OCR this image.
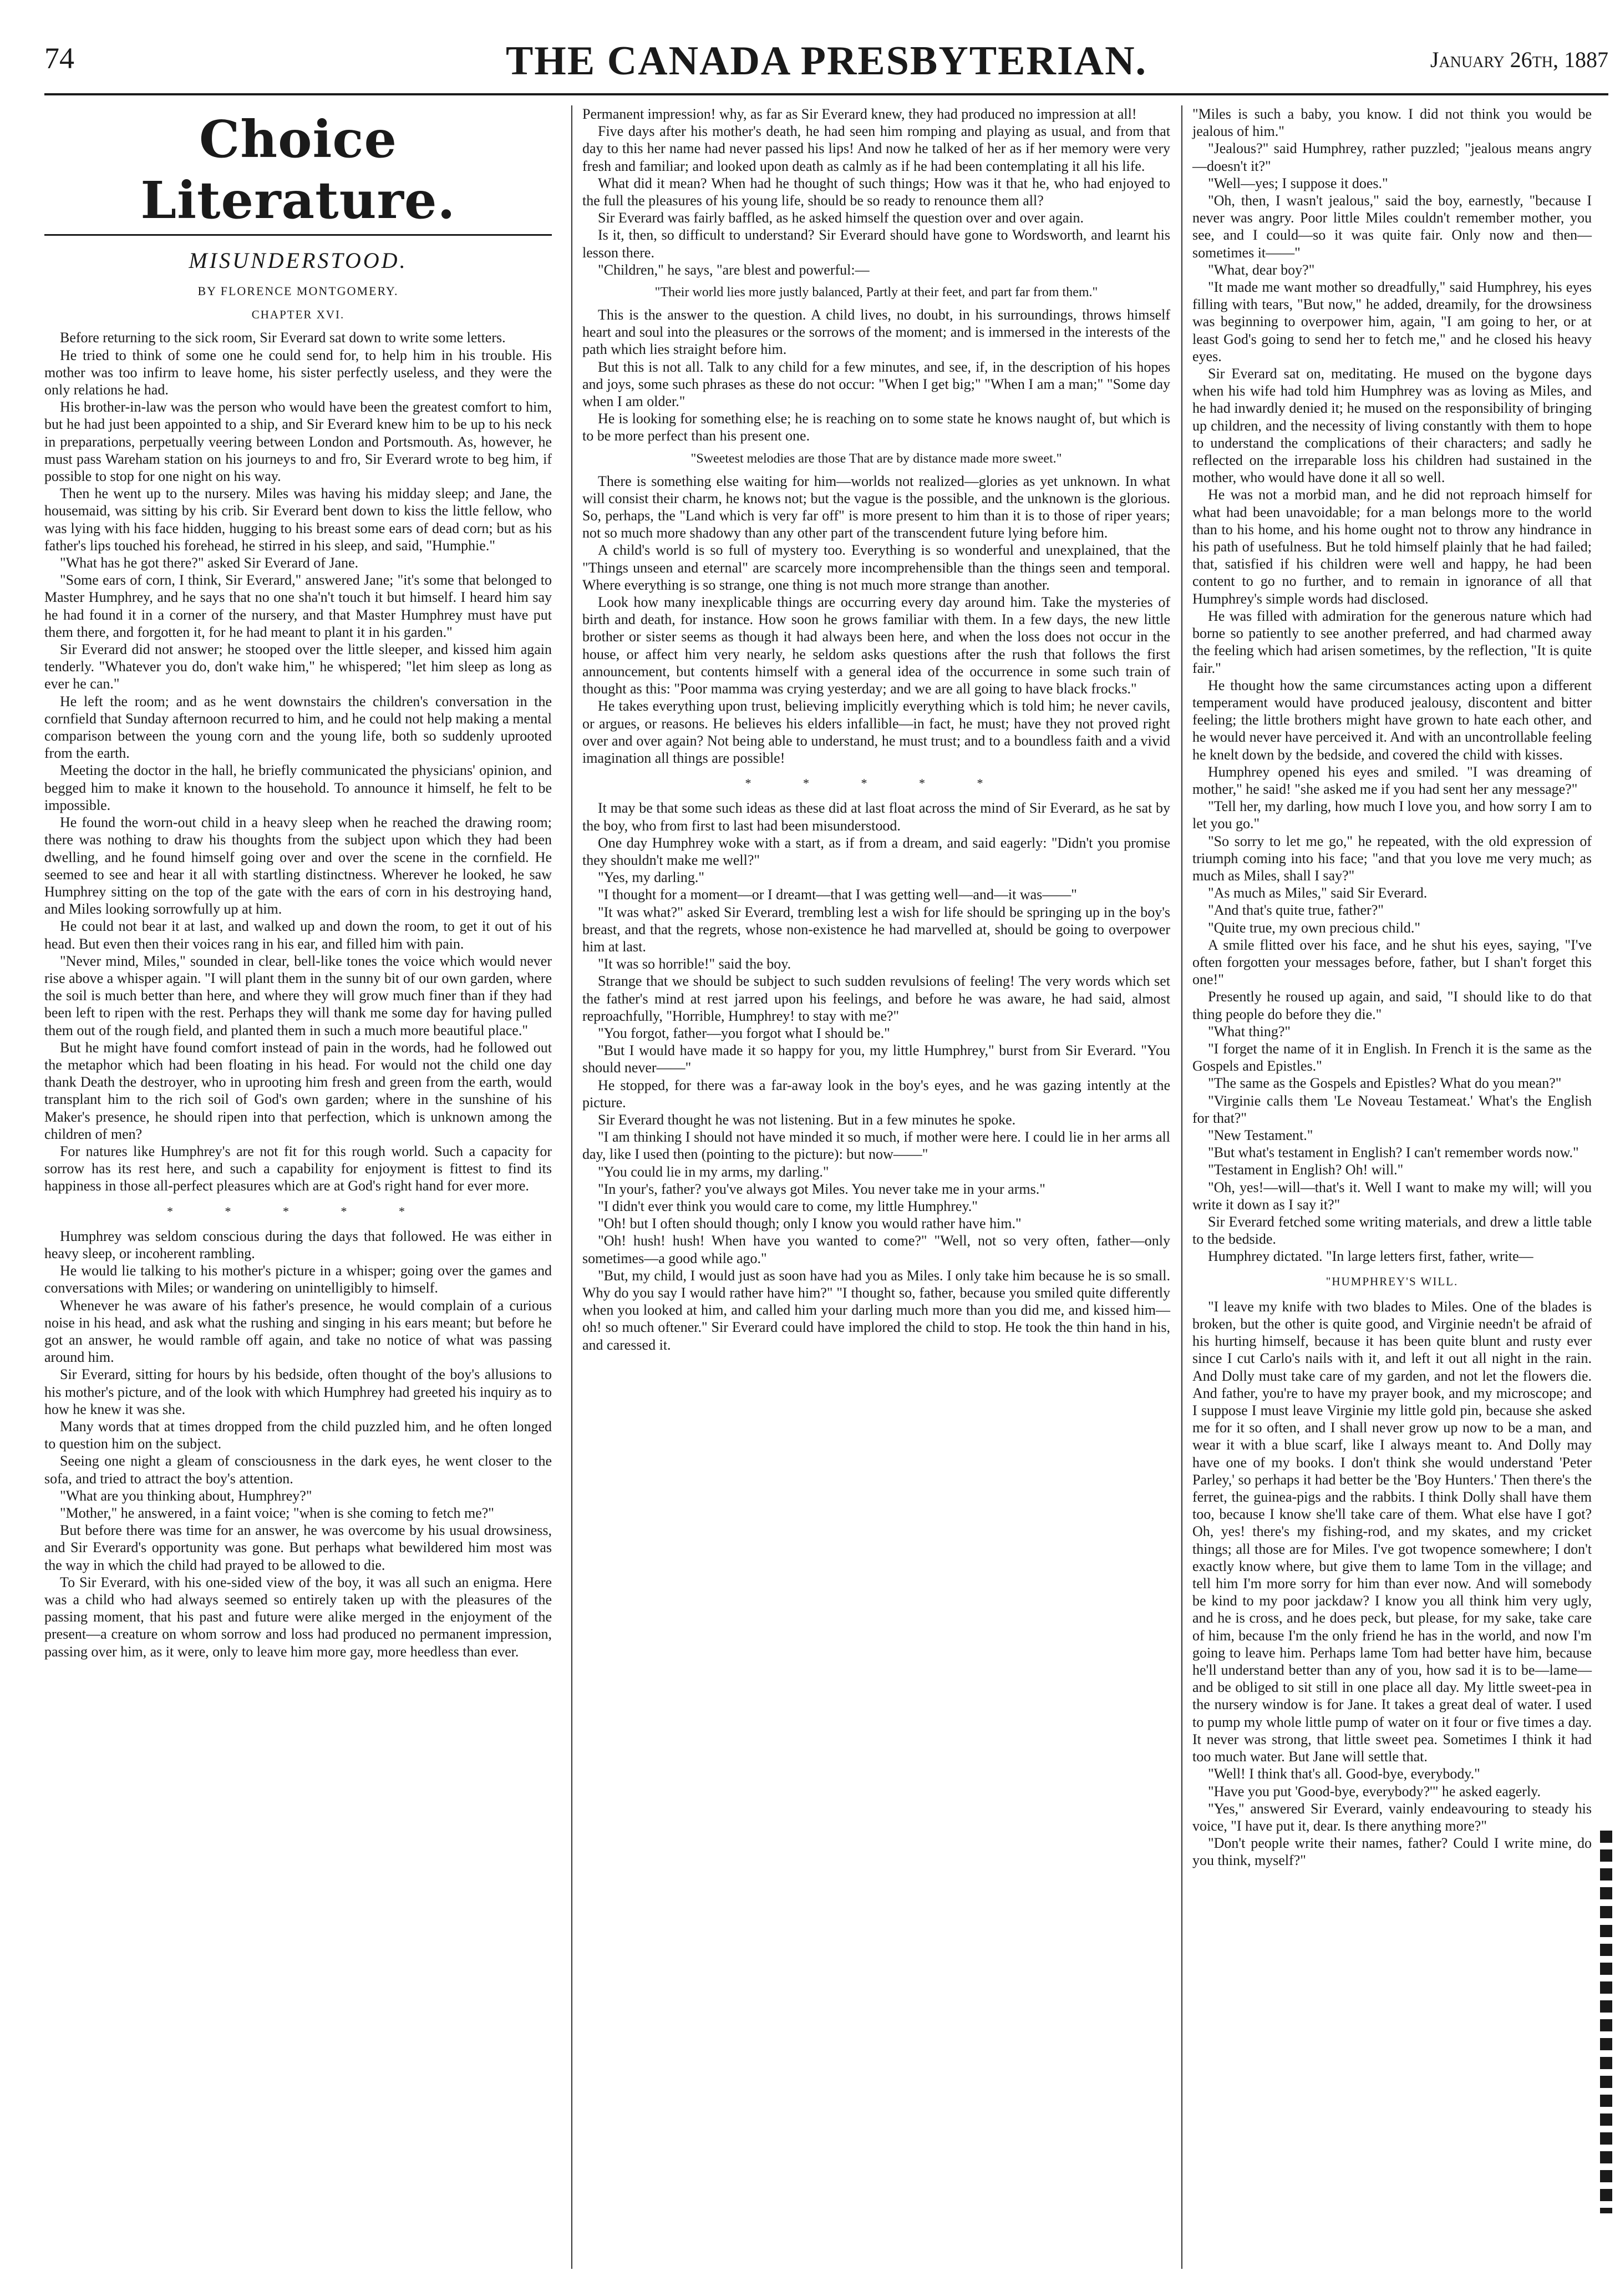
74	THE CANADA PRESBYTERIAN.	January 26th, 1887
Choice Literature.
MISUNDERSTOOD.
BY FLORENCE MONTGOMERY.
CHAPTER XVI.

Before returning to the sick room, Sir Everard sat down to write some letters.

He tried to think of some one he could send for, to help him in his trouble. His mother was too infirm to leave home, his sister perfectly useless, and they were the only relations he had.

His brother-in-law was the person who would have been the greatest comfort to him, but he had just been appointed to a ship, and Sir Everard knew him to be up to his neck in preparations, perpetually veering between London and Portsmouth. As, however, he must pass Wareham station on his journeys to and fro, Sir Everard wrote to beg him, if possible to stop for one night on his way.

Then he went up to the nursery. Miles was having his midday sleep; and Jane, the housemaid, was sitting by his crib. Sir Everard bent down to kiss the little fellow, who was lying with his face hidden, hugging to his breast some ears of dead corn; but as his father's lips touched his forehead, he stirred in his sleep, and said, "Humphie."

"What has he got there?" asked Sir Everard of Jane.

"Some ears of corn, I think, Sir Everard," answered Jane; "it's some that belonged to Master Humphrey, and he says that no one sha'n't touch it but himself. I heard him say he had found it in a corner of the nursery, and that Master Humphrey must have put them there, and forgotten it, for he had meant to plant it in his garden."

Sir Everard did not answer; he stooped over the little sleeper, and kissed him again tenderly. "Whatever you do, don't wake him," he whispered; "let him sleep as long as ever he can."

He left the room; and as he went downstairs the children's conversation in the cornfield that Sunday afternoon recurred to him, and he could not help making a mental comparison between the young corn and the young life, both so suddenly uprooted from the earth.

Meeting the doctor in the hall, he briefly communicated the physicians' opinion, and begged him to make it known to the household. To announce it himself, he felt to be impossible.

He found the worn-out child in a heavy sleep when he reached the drawing room; there was nothing to draw his thoughts from the subject upon which they had been dwelling, and he found himself going over and over the scene in the cornfield. He seemed to see and hear it all with startling distinctness. Wherever he looked, he saw Humphrey sitting on the top of the gate with the ears of corn in his destroying hand, and Miles looking sorrowfully up at him.

He could not bear it at last, and walked up and down the room, to get it out of his head. But even then their voices rang in his ear, and filled him with pain.

"Never mind, Miles," sounded in clear, bell-like tones the voice which would never rise above a whisper again. "I will plant them in the sunny bit of our own garden, where the soil is much better than here, and where they will grow much finer than if they had been left to ripen with the rest. Perhaps they will thank me some day for having pulled them out of the rough field, and planted them in such a much more beautiful place."

But he might have found comfort instead of pain in the words, had he followed out the metaphor which had been floating in his head. For would not the child one day thank Death the destroyer, who in uprooting him fresh and green from the earth, would transplant him to the rich soil of God's own garden; where in the sunshine of his Maker's presence, he should ripen into that perfection, which is unknown among the children of men?

For natures like Humphrey's are not fit for this rough world. Such a capacity for sorrow has its rest here, and such a capability for enjoyment is fittest to find its happiness in those all-perfect pleasures which are at God's right hand for ever more.

* * * * *

Humphrey was seldom conscious during the days that followed. He was either in heavy sleep, or incoherent rambling.

He would lie talking to his mother's picture in a whisper; going over the games and conversations with Miles; or wandering on unintelligibly to himself.

Whenever he was aware of his father's presence, he would complain of a curious noise in his head, and ask what the rushing and singing in his ears meant; but before he got an answer, he would ramble off again, and take no notice of what was passing around him.

Sir Everard, sitting for hours by his bedside, often thought of the boy's allusions to his mother's picture, and of the look with which Humphrey had greeted his inquiry as to how he knew it was she.

Many words that at times dropped from the child puzzled him, and he often longed to question him on the subject.

Seeing one night a gleam of consciousness in the dark eyes, he went closer to the sofa, and tried to attract the boy's attention.

"What are you thinking about, Humphrey?"

"Mother," he answered, in a faint voice; "when is she coming to fetch me?"

But before there was time for an answer, he was overcome by his usual drowsiness, and Sir Everard's opportunity was gone. But perhaps what bewildered him most was the way in which the child had prayed to be allowed to die.

To Sir Everard, with his one-sided view of the boy, it was all such an enigma. Here was a child who had always seemed so entirely taken up with the pleasures of the passing moment, that his past and future were alike merged in the enjoyment of the present—a creature on whom sorrow and loss had produced no permanent impression, passing over him, as it were, only to leave him more gay, more heedless than ever.

Permanent impression! why, as far as Sir Everard knew, they had produced no impression at all!

Five days after his mother's death, he had seen him romping and playing as usual, and from that day to this her name had never passed his lips! And now he talked of her as if her memory were very fresh and familiar; and looked upon death as calmly as if he had been contemplating it all his life.

What did it mean? When had he thought of such things; How was it that he, who had enjoyed to the full the pleasures of his young life, should be so ready to renounce them all?

Sir Everard was fairly baffled, as he asked himself the question over and over again.

Is it, then, so difficult to understand? Sir Everard should have gone to Wordsworth, and learnt his lesson there.

"Children," he says, "are blest and powerful:—

"Their world lies more justly balanced, Partly at their feet, and part far from them."

This is the answer to the question. A child lives, no doubt, in his surroundings, throws himself heart and soul into the pleasures or the sorrows of the moment; and is immersed in the interests of the path which lies straight before him.

But this is not all. Talk to any child for a few minutes, and see, if, in the description of his hopes and joys, some such phrases as these do not occur: "When I get big;" "When I am a man;" "Some day when I am older."

He is looking for something else; he is reaching on to some state he knows naught of, but which is to be more perfect than his present one.

"Sweetest melodies are those That are by distance made more sweet."

There is something else waiting for him—worlds not realized—glories as yet unknown. In what will consist their charm, he knows not; but the vague is the possible, and the unknown is the glorious. So, perhaps, the "Land which is very far off" is more present to him than it is to those of riper years; not so much more shadowy than any other part of the transcendent future lying before him.

A child's world is so full of mystery too. Everything is so wonderful and unexplained, that the "Things unseen and eternal" are scarcely more incomprehensible than the things seen and temporal. Where everything is so strange, one thing is not much more strange than another.

Look how many inexplicable things are occurring every day around him. Take the mysteries of birth and death, for instance. How soon he grows familiar with them. In a few days, the new little brother or sister seems as though it had always been here, and when the loss does not occur in the house, or affect him very nearly, he seldom asks questions after the rush that follows the first announcement, but contents himself with a general idea of the occurrence in some such train of thought as this: "Poor mamma was crying yesterday; and we are all going to have black frocks."

He takes everything upon trust, believing implicitly everything which is told him; he never cavils, or argues, or reasons. He believes his elders infallible—in fact, he must; have they not proved right over and over again? Not being able to understand, he must trust; and to a boundless faith and a vivid imagination all things are possible!

* * * * *

It may be that some such ideas as these did at last float across the mind of Sir Everard, as he sat by the boy, who from first to last had been misunderstood.

One day Humphrey woke with a start, as if from a dream, and said eagerly: "Didn't you promise they shouldn't make me well?"

"Yes, my darling."

"I thought for a moment—or I dreamt—that I was getting well—and—it was——"

"It was what?" asked Sir Everard, trembling lest a wish for life should be springing up in the boy's breast, and that the regrets, whose non-existence he had marvelled at, should be going to overpower him at last.

"It was so horrible!" said the boy.

Strange that we should be subject to such sudden revulsions of feeling! The very words which set the father's mind at rest jarred upon his feelings, and before he was aware, he had said, almost reproachfully, "Horrible, Humphrey! to stay with me?"

"You forgot, father—you forgot what I should be."

"But I would have made it so happy for you, my little Humphrey," burst from Sir Everard. "You should never——"

He stopped, for there was a far-away look in the boy's eyes, and he was gazing intently at the picture.

Sir Everard thought he was not listening. But in a few minutes he spoke.

"I am thinking I should not have minded it so much, if mother were here. I could lie in her arms all day, like I used then (pointing to the picture): but now——"

"You could lie in my arms, my darling."

"In your's, father? you've always got Miles. You never take me in your arms."

"I didn't ever think you would care to come, my little Humphrey."

"Oh! but I often should though; only I know you would rather have him."

"Oh! hush! hush! When have you wanted to come?" "Well, not so very often, father—only sometimes—a good while ago."

"But, my child, I would just as soon have had you as Miles. I only take him because he is so small. Why do you say I would rather have him?" "I thought so, father, because you smiled quite differently when you looked at him, and called him your darling much more than you did me, and kissed him—oh! so much oftener." Sir Everard could have implored the child to stop. He took the thin hand in his, and caressed it.

"Miles is such a baby, you know. I did not think you would be jealous of him."

"Jealous?" said Humphrey, rather puzzled; "jealous means angry—doesn't it?"

"Well—yes; I suppose it does."

"Oh, then, I wasn't jealous," said the boy, earnestly, "because I never was angry. Poor little Miles couldn't remember mother, you see, and I could—so it was quite fair. Only now and then—sometimes it——"

"What, dear boy?"

"It made me want mother so dreadfully," said Humphrey, his eyes filling with tears, "But now," he added, dreamily, for the drowsiness was beginning to overpower him, again, "I am going to her, or at least God's going to send her to fetch me," and he closed his heavy eyes.

Sir Everard sat on, meditating. He mused on the bygone days when his wife had told him Humphrey was as loving as Miles, and he had inwardly denied it; he mused on the responsibility of bringing up children, and the necessity of living constantly with them to hope to understand the complications of their characters; and sadly he reflected on the irreparable loss his children had sustained in the mother, who would have done it all so well.

He was not a morbid man, and he did not reproach himself for what had been unavoidable; for a man belongs more to the world than to his home, and his home ought not to throw any hindrance in his path of usefulness. But he told himself plainly that he had failed; that, satisfied if his children were well and happy, he had been content to go no further, and to remain in ignorance of all that Humphrey's simple words had disclosed.

He was filled with admiration for the generous nature which had borne so patiently to see another preferred, and had charmed away the feeling which had arisen sometimes, by the reflection, "It is quite fair."

He thought how the same circumstances acting upon a different temperament would have produced jealousy, discontent and bitter feeling; the little brothers might have grown to hate each other, and he would never have perceived it. And with an uncontrollable feeling he knelt down by the bedside, and covered the child with kisses.

Humphrey opened his eyes and smiled. "I was dreaming of mother," he said! "she asked me if you had sent her any message?"

"Tell her, my darling, how much I love you, and how sorry I am to let you go."

"So sorry to let me go," he repeated, with the old expression of triumph coming into his face; "and that you love me very much; as much as Miles, shall I say?"

"As much as Miles," said Sir Everard.

"And that's quite true, father?"

"Quite true, my own precious child."

A smile flitted over his face, and he shut his eyes, saying, "I've often forgotten your messages before, father, but I shan't forget this one!"

Presently he roused up again, and said, "I should like to do that thing people do before they die."

"What thing?"

"I forget the name of it in English. In French it is the same as the Gospels and Epistles."

"The same as the Gospels and Epistles? What do you mean?"

"Virginie calls them 'Le Noveau Testameat.' What's the English for that?"

"New Testament."

"But what's testament in English? I can't remember words now."

"Testament in English? Oh! will."

"Oh, yes!—will—that's it. Well I want to make my will; will you write it down as I say it?"

Sir Everard fetched some writing materials, and drew a little table to the bedside.

Humphrey dictated. "In large letters first, father, write—

"HUMPHREY'S WILL.

"I leave my knife with two blades to Miles. One of the blades is broken, but the other is quite good, and Virginie needn't be afraid of his hurting himself, because it has been quite blunt and rusty ever since I cut Carlo's nails with it, and left it out all night in the rain. And Dolly must take care of my garden, and not let the flowers die. And father, you're to have my prayer book, and my microscope; and I suppose I must leave Virginie my little gold pin, because she asked me for it so often, and I shall never grow up now to be a man, and wear it with a blue scarf, like I always meant to. And Dolly may have one of my books. I don't think she would understand 'Peter Parley,' so perhaps it had better be the 'Boy Hunters.' Then there's the ferret, the guinea-pigs and the rabbits. I think Dolly shall have them too, because I know she'll take care of them. What else have I got? Oh, yes! there's my fishing-rod, and my skates, and my cricket things; all those are for Miles. I've got twopence somewhere; I don't exactly know where, but give them to lame Tom in the village; and tell him I'm more sorry for him than ever now. And will somebody be kind to my poor jackdaw? I know you all think him very ugly, and he is cross, and he does peck, but please, for my sake, take care of him, because I'm the only friend he has in the world, and now I'm going to leave him. Perhaps lame Tom had better have him, because he'll understand better than any of you, how sad it is to be—lame—and be obliged to sit still in one place all day. My little sweet-pea in the nursery window is for Jane. It takes a great deal of water. I used to pump my whole little pump of water on it four or five times a day. It never was strong, that little sweet pea. Sometimes I think it had too much water. But Jane will settle that.

"Well! I think that's all. Good-bye, everybody."

"Have you put 'Good-bye, everybody?'" he asked eagerly.

"Yes," answered Sir Everard, vainly endeavouring to steady his voice, "I have put it, dear. Is there anything more?"

"Don't people write their names, father? Could I write mine, do you think, myself?"
